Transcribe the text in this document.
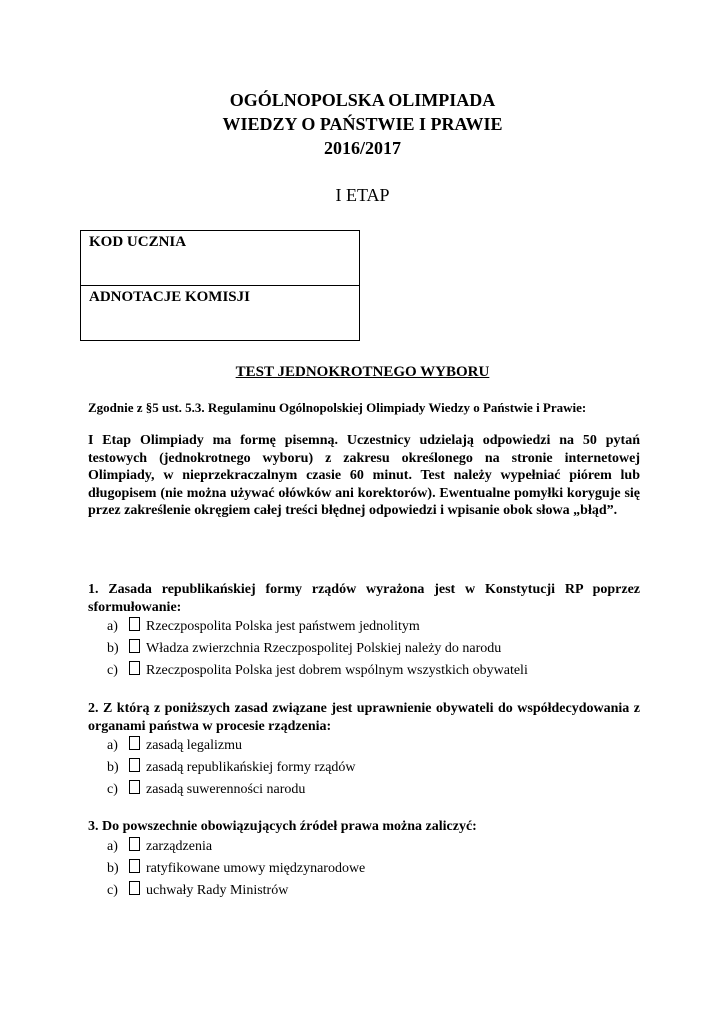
OGÓLNOPOLSKA OLIMPIADA
WIEDZY O PAŃSTWIE I PRAWIE
2016/2017
I ETAP
KOD UCZNIA
ADNOTACJE KOMISJI
TEST JEDNOKROTNEGO WYBORU
Zgodnie z §5 ust. 5.3. Regulaminu Ogólnopolskiej Olimpiady Wiedzy o Państwie i Prawie:
I Etap Olimpiady ma formę pisemną. Uczestnicy udzielają odpowiedzi na 50 pytań testowych (jednokrotnego wyboru) z zakresu określonego na stronie internetowej Olimpiady, w nieprzekraczalnym czasie 60 minut. Test należy wypełniać piórem lub długopisem (nie można używać ołówków ani korektorów). Ewentualne pomyłki koryguje się przez zakreślenie okręgiem całej treści błędnej odpowiedzi i wpisanie obok słowa „błąd”.
1. Zasada republikańskiej formy rządów wyrażona jest w Konstytucji RP poprzez sformułowanie:
a) Rzeczpospolita Polska jest państwem jednolitym
b) Władza zwierzchnia Rzeczpospolitej Polskiej należy do narodu
c) Rzeczpospolita Polska jest dobrem wspólnym wszystkich obywateli
2. Z którą z poniższych zasad związane jest uprawnienie obywateli do współdecydowania z organami państwa w procesie rządzenia:
a) zasadą legalizmu
b) zasadą republikańskiej formy rządów
c) zasadą suwerenności narodu
3. Do powszechnie obowiązujących źródeł prawa można zaliczyć:
a) zarządzenia
b) ratyfikowane umowy międzynarodowe
c) uchwały Rady Ministrów
